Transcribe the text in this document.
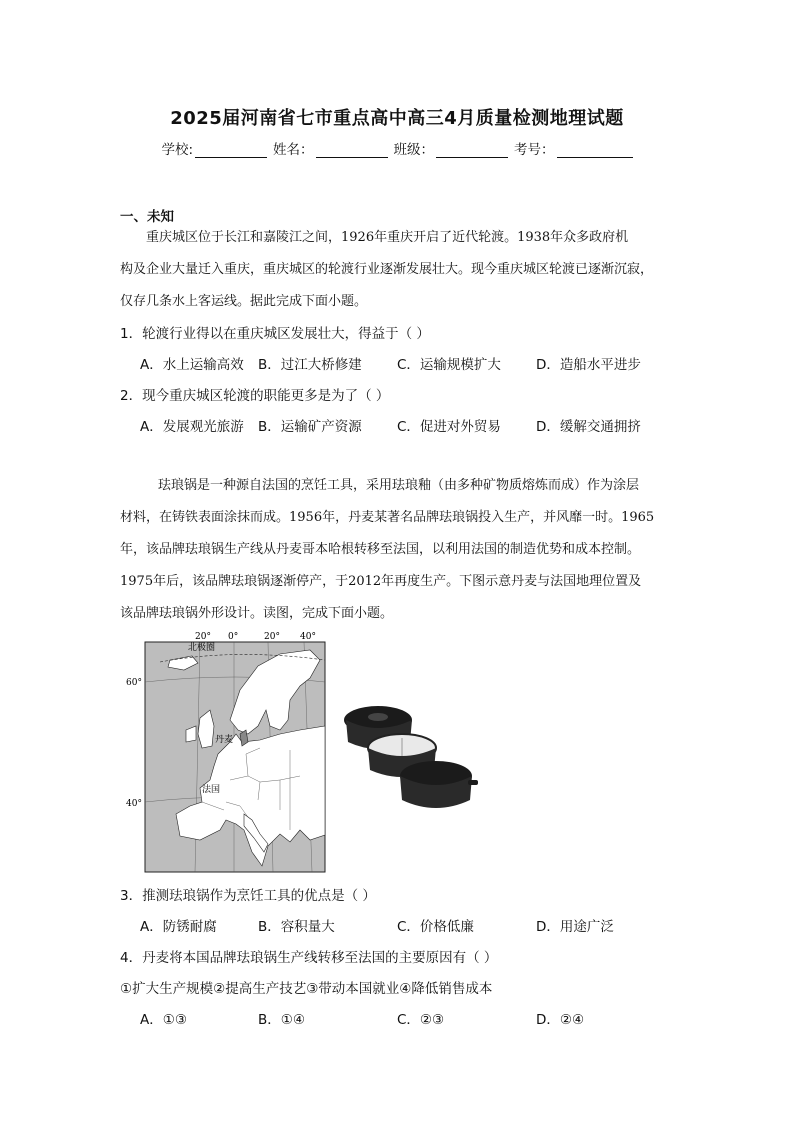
2025届河南省七市重点高中高三4月质量检测地理试题
学校:	姓名：	班级：	考号：
一、未知
重庆城区位于长江和嘉陵江之间，1926年重庆开启了近代轮渡。1938年众多政府机
构及企业大量迁入重庆，重庆城区的轮渡行业逐渐发展壮大。现今重庆城区轮渡已逐渐沉寂，
仅存几条水上客运线。据此完成下面小题。
1．轮渡行业得以在重庆城区发展壮大，得益于（ ）
A．水上运输高效	B．过江大桥修建	C．运输规模扩大	D．造船水平进步
2．现今重庆城区轮渡的职能更多是为了（ ）
A．发展观光旅游	B．运输矿产资源	C．促进对外贸易	D．缓解交通拥挤
珐琅锅是一种源自法国的烹饪工具，采用珐琅釉（由多种矿物质熔炼而成）作为涂层
材料，在铸铁表面涂抹而成。1956年，丹麦某著名品牌珐琅锅投入生产，并风靡一时。1965
年，该品牌珐琅锅生产线从丹麦哥本哈根转移至法国，以利用法国的制造优势和成本控制。
1975年后，该品牌珐琅锅逐渐停产，于2012年再度生产。下图示意丹麦与法国地理位置及
该品牌珐琅锅外形设计。读图，完成下面小题。
20° 0°	20° 40°
60°
40°
北极圈
丹麦
法国
3．推测珐琅锅作为烹饪工具的优点是（ ）
A．防锈耐腐	B．容积量大	C．价格低廉	D．用途广泛
4．丹麦将本国品牌珐琅锅生产线转移至法国的主要原因有（ ）
①扩大生产规模②提高生产技艺③带动本国就业④降低销售成本
A．①③	B．①④	C．②③	D．②④
